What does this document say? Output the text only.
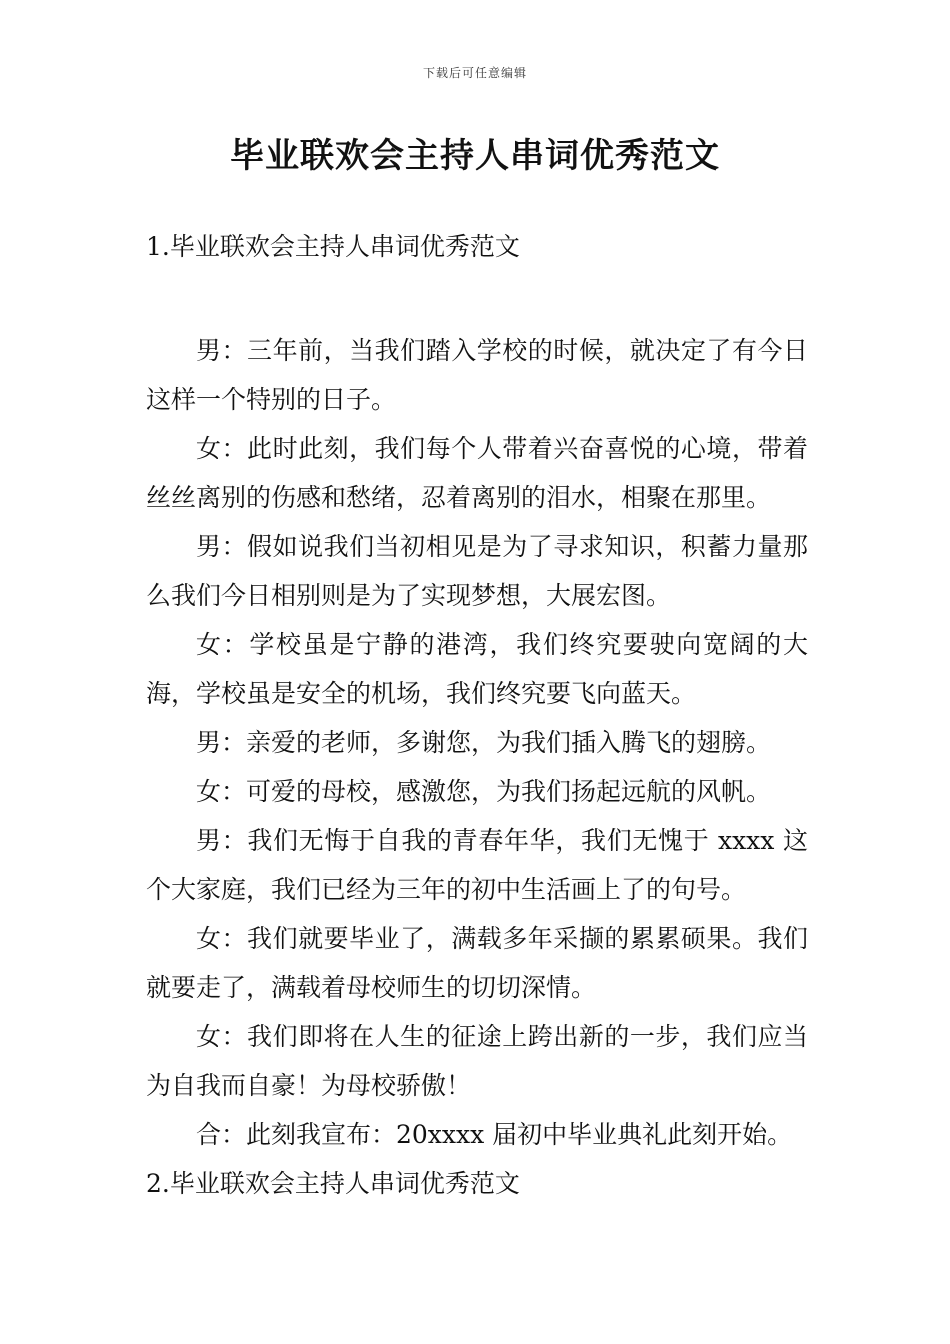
下载后可任意编辑
毕业联欢会主持人串词优秀范文

1.毕业联欢会主持人串词优秀范文

男：三年前，当我们踏入学校的时候，就决定了有今日这样一个特别的日子。

女：此时此刻，我们每个人带着兴奋喜悦的心境，带着丝丝离别的伤感和愁绪，忍着离别的泪水，相聚在那里。

男：假如说我们当初相见是为了寻求知识，积蓄力量那么我们今日相别则是为了实现梦想，大展宏图。

女：学校虽是宁静的港湾，我们终究要驶向宽阔的大海，学校虽是安全的机场，我们终究要飞向蓝天。

男：亲爱的老师，多谢您，为我们插入腾飞的翅膀。

女：可爱的母校，感激您，为我们扬起远航的风帆。

男：我们无悔于自我的青春年华，我们无愧于 xxxx 这个大家庭，我们已经为三年的初中生活画上了的句号。

女：我们就要毕业了，满载多年采撷的累累硕果。我们就要走了，满载着母校师生的切切深情。

女：我们即将在人生的征途上跨出新的一步，我们应当为自我而自豪！为母校骄傲！

合：此刻我宣布：20xxxx 届初中毕业典礼此刻开始。

2.毕业联欢会主持人串词优秀范文
